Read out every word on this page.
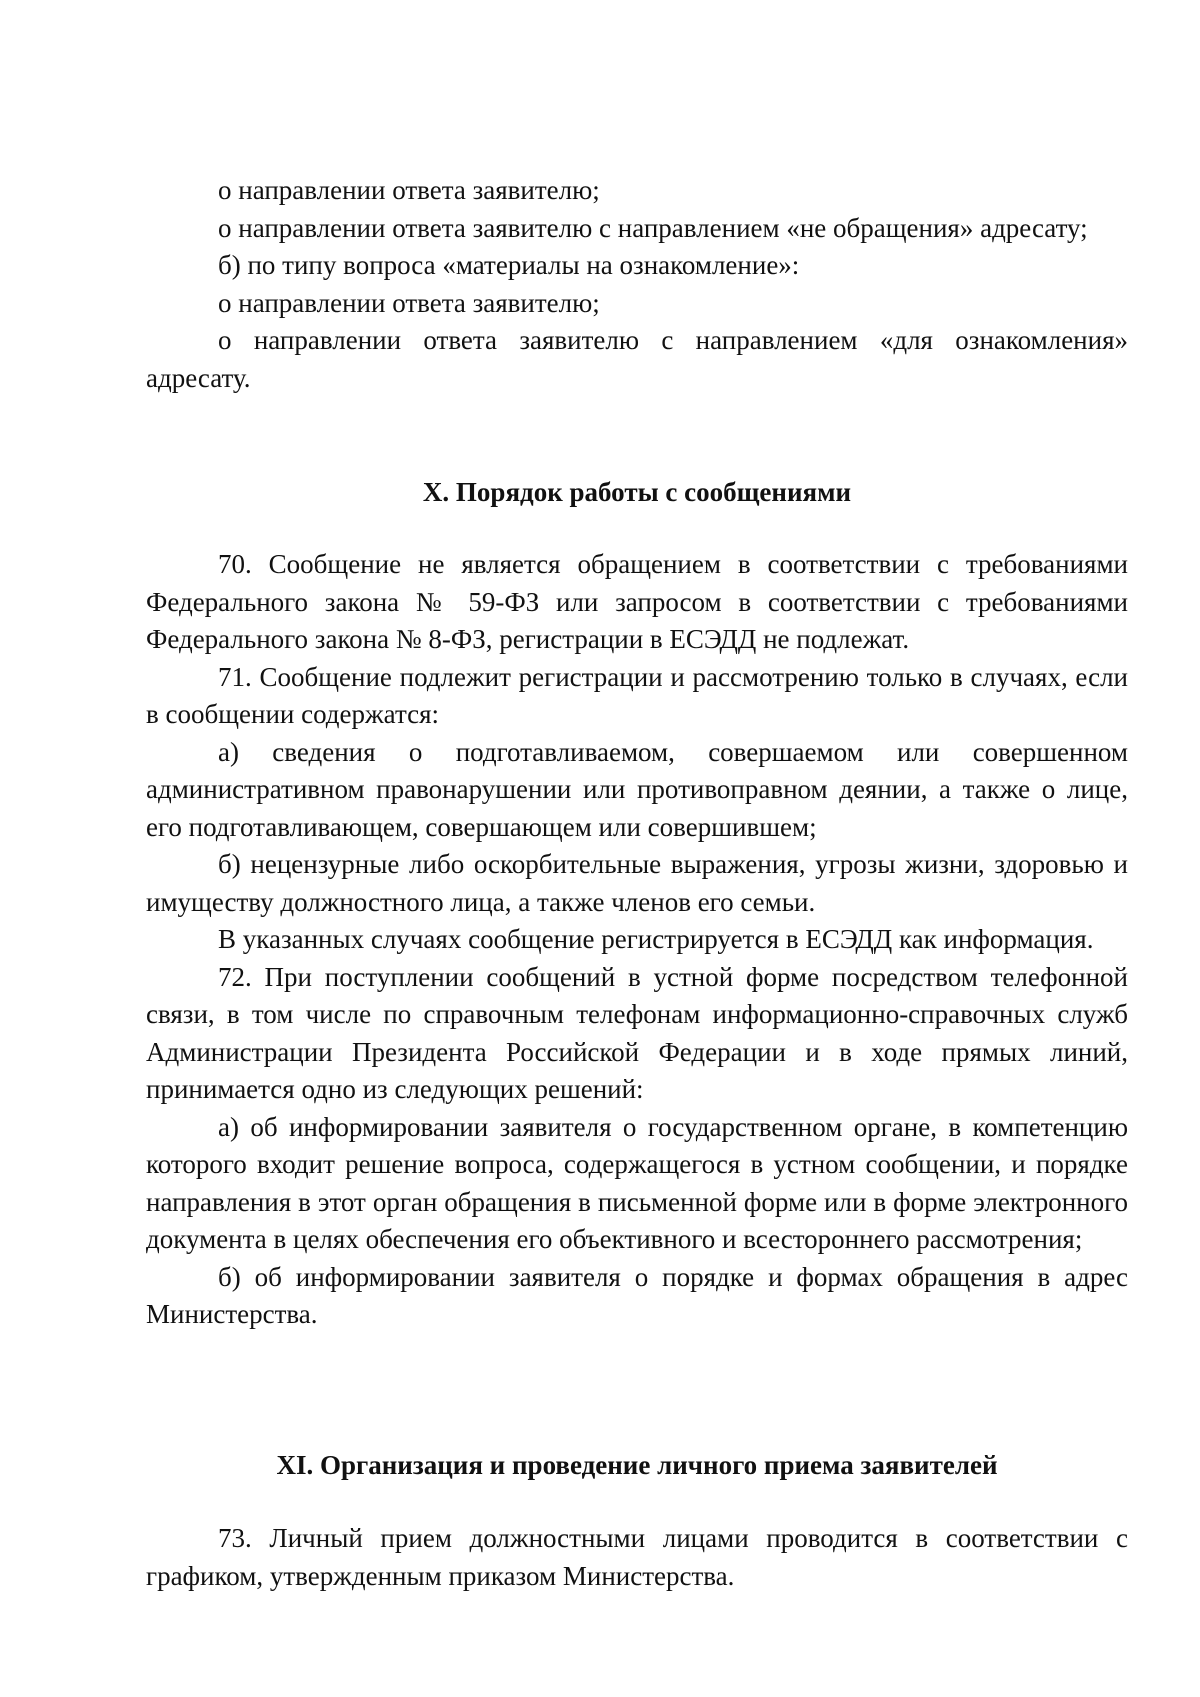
о направлении ответа заявителю;

о направлении ответа заявителю с направлением «не обращения» адресату;

б) по типу вопроса «материалы на ознакомление»:

о направлении ответа заявителю;

о направлении ответа заявителю с направлением «для ознакомления» адресату.

X. Порядок работы с сообщениями

70. Сообщение не является обращением в соответствии с требованиями Федерального закона № 59-ФЗ или запросом в соответствии с требованиями Федерального закона № 8-ФЗ, регистрации в ЕСЭДД не подлежат.

71. Сообщение подлежит регистрации и рассмотрению только в случаях, если в сообщении содержатся:

а) сведения о подготавливаемом, совершаемом или совершенном административном правонарушении или противоправном деянии, а также о лице, его подготавливающем, совершающем или совершившем;

б) нецензурные либо оскорбительные выражения, угрозы жизни, здоровью и имуществу должностного лица, а также членов его семьи.

В указанных случаях сообщение регистрируется в ЕСЭДД как информация.

72. При поступлении сообщений в устной форме посредством телефонной связи, в том числе по справочным телефонам информационно-справочных служб Администрации Президента Российской Федерации и в ходе прямых линий, принимается одно из следующих решений:

а) об информировании заявителя о государственном органе, в компетенцию которого входит решение вопроса, содержащегося в устном сообщении, и порядке направления в этот орган обращения в письменной форме или в форме электронного документа в целях обеспечения его объективного и всестороннего рассмотрения;

б) об информировании заявителя о порядке и формах обращения в адрес Министерства.

XI. Организация и проведение личного приема заявителей

73. Личный прием должностными лицами проводится в соответствии с графиком, утвержденным приказом Министерства.
